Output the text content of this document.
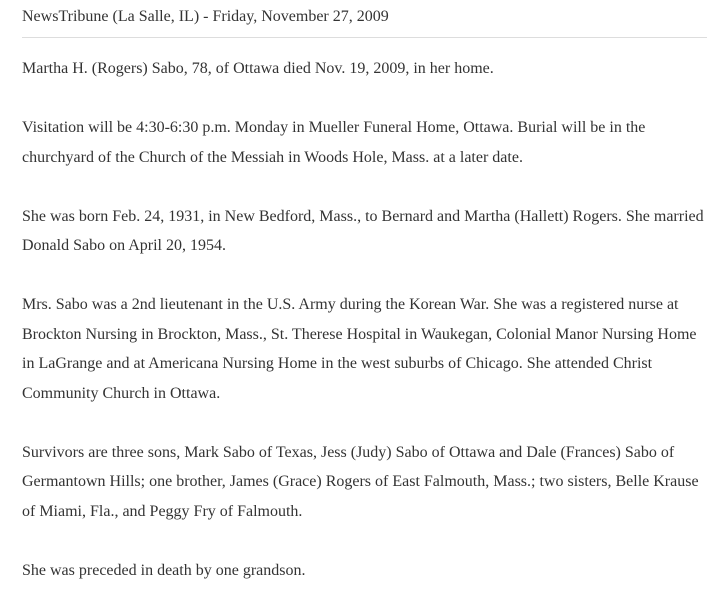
NewsTribune (La Salle, IL) - Friday, November 27, 2009

Martha H. (Rogers) Sabo, 78, of Ottawa died Nov. 19, 2009, in her home.

Visitation will be 4:30-6:30 p.m. Monday in Mueller Funeral Home, Ottawa. Burial will be in the churchyard of the Church of the Messiah in Woods Hole, Mass. at a later date.

She was born Feb. 24, 1931, in New Bedford, Mass., to Bernard and Martha (Hallett) Rogers. She married Donald Sabo on April 20, 1954.

Mrs. Sabo was a 2nd lieutenant in the U.S. Army during the Korean War. She was a registered nurse at Brockton Nursing in Brockton, Mass., St. Therese Hospital in Waukegan, Colonial Manor Nursing Home in LaGrange and at Americana Nursing Home in the west suburbs of Chicago. She attended Christ Community Church in Ottawa.

Survivors are three sons, Mark Sabo of Texas, Jess (Judy) Sabo of Ottawa and Dale (Frances) Sabo of Germantown Hills; one brother, James (Grace) Rogers of East Falmouth, Mass.; two sisters, Belle Krause of Miami, Fla., and Peggy Fry of Falmouth.

She was preceded in death by one grandson.
